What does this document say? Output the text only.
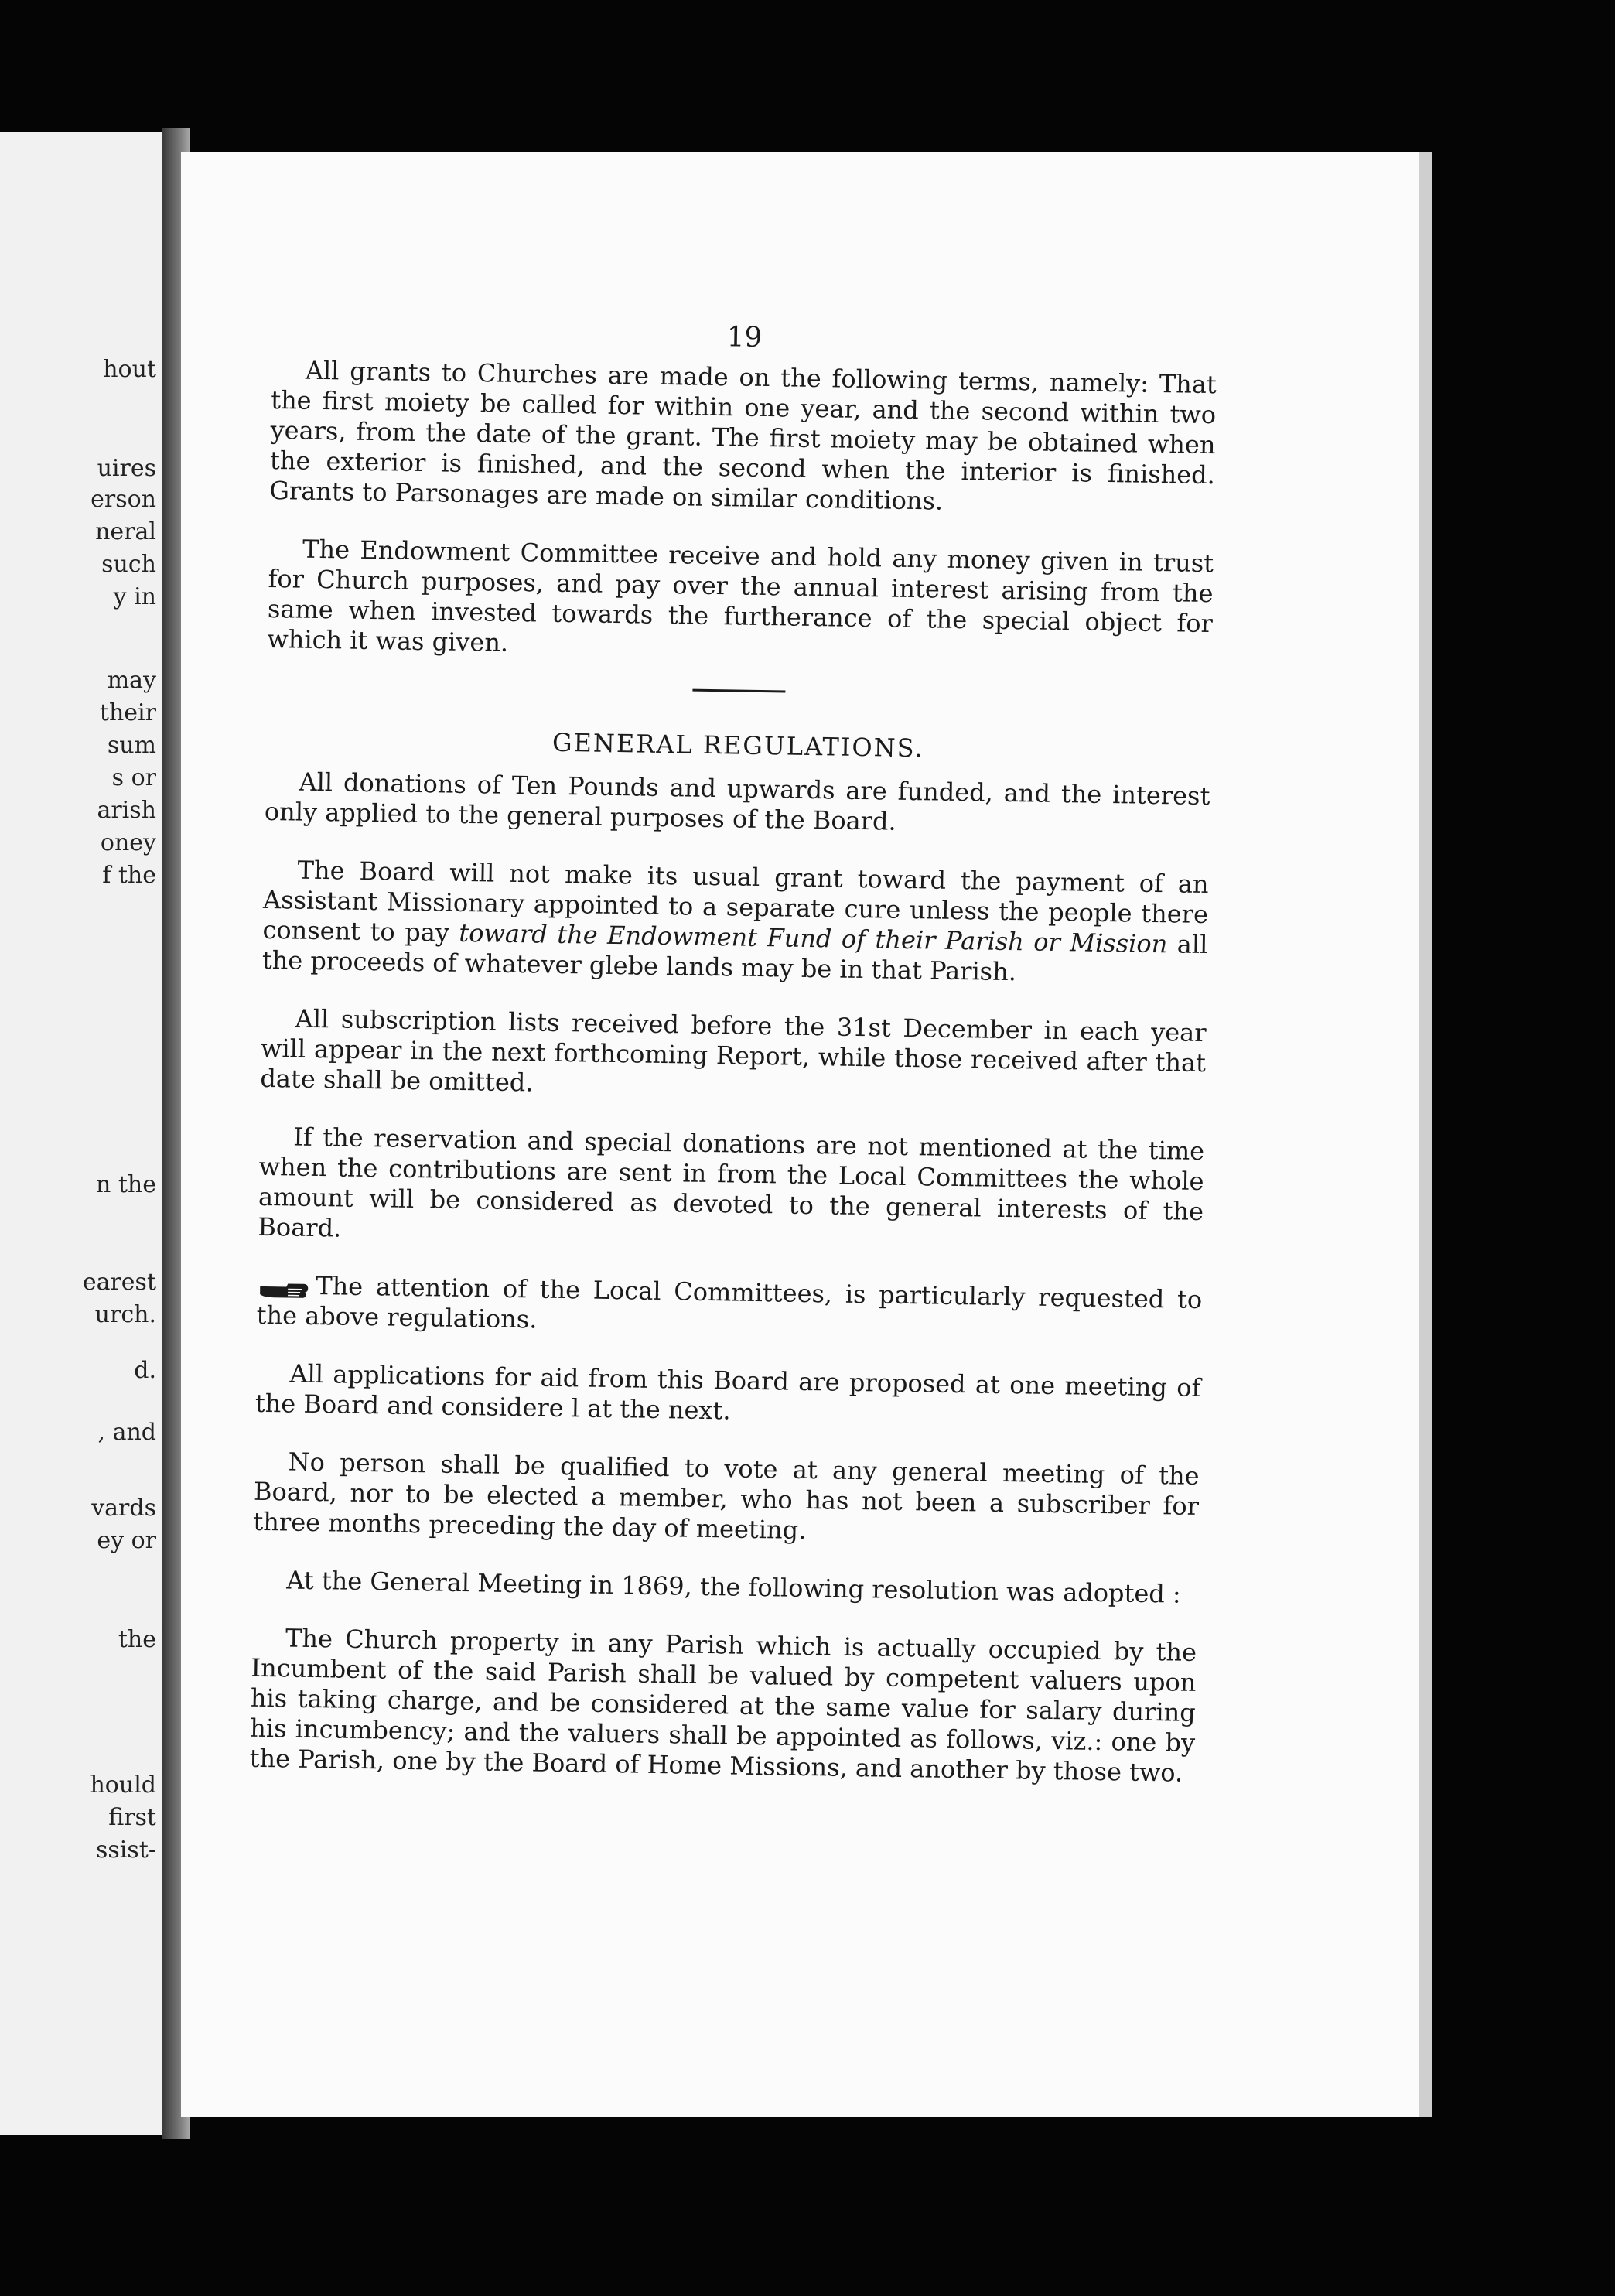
hout
uires
erson
neral
such
y in
may
their
sum
s or
arish
oney
f the
n the
earest
urch.
d.
, and
vards
ey or
the
hould
first
ssist-
19

All grants to Churches are made on the following terms, namely: That the first moiety be called for within one year, and the second within two years, from the date of the grant. The first moiety may be obtained when the exterior is finished, and the second when the interior is finished. Grants to Parsonages are made on similar conditions.

The Endowment Committee receive and hold any money given in trust for Church purposes, and pay over the annual interest arising from the same when invested towards the furtherance of the special object for which it was given.

GENERAL REGULATIONS.

All donations of Ten Pounds and upwards are funded, and the interest only applied to the general purposes of the Board.

The Board will not make its usual grant toward the payment of an Assistant Missionary appointed to a separate cure unless the people there consent to pay toward the Endowment Fund of their Parish or Mission all the proceeds of whatever glebe lands may be in that Parish.

All subscription lists received before the 31st December in each year will appear in the next forthcoming Report, while those received after that date shall be omitted.

If the reservation and special donations are not mentioned at the time when the contributions are sent in from the Local Committees the whole amount will be considered as devoted to the general interests of the Board.

The attention of the Local Committees, is particularly requested to the above regulations.

All applications for aid from this Board are proposed at one meeting of the Board and considere l at the next.

No person shall be qualified to vote at any general meeting of the Board, nor to be elected a member, who has not been a subscriber for three months preceding the day of meeting.

At the General Meeting in 1869, the following resolution was adopted :

The Church property in any Parish which is actually occupied by the Incumbent of the said Parish shall be valued by competent valuers upon his taking charge, and be considered at the same value for salary during his incumbency; and the valuers shall be appointed as follows, viz.: one by the Parish, one by the Board of Home Missions, and another by those two.
